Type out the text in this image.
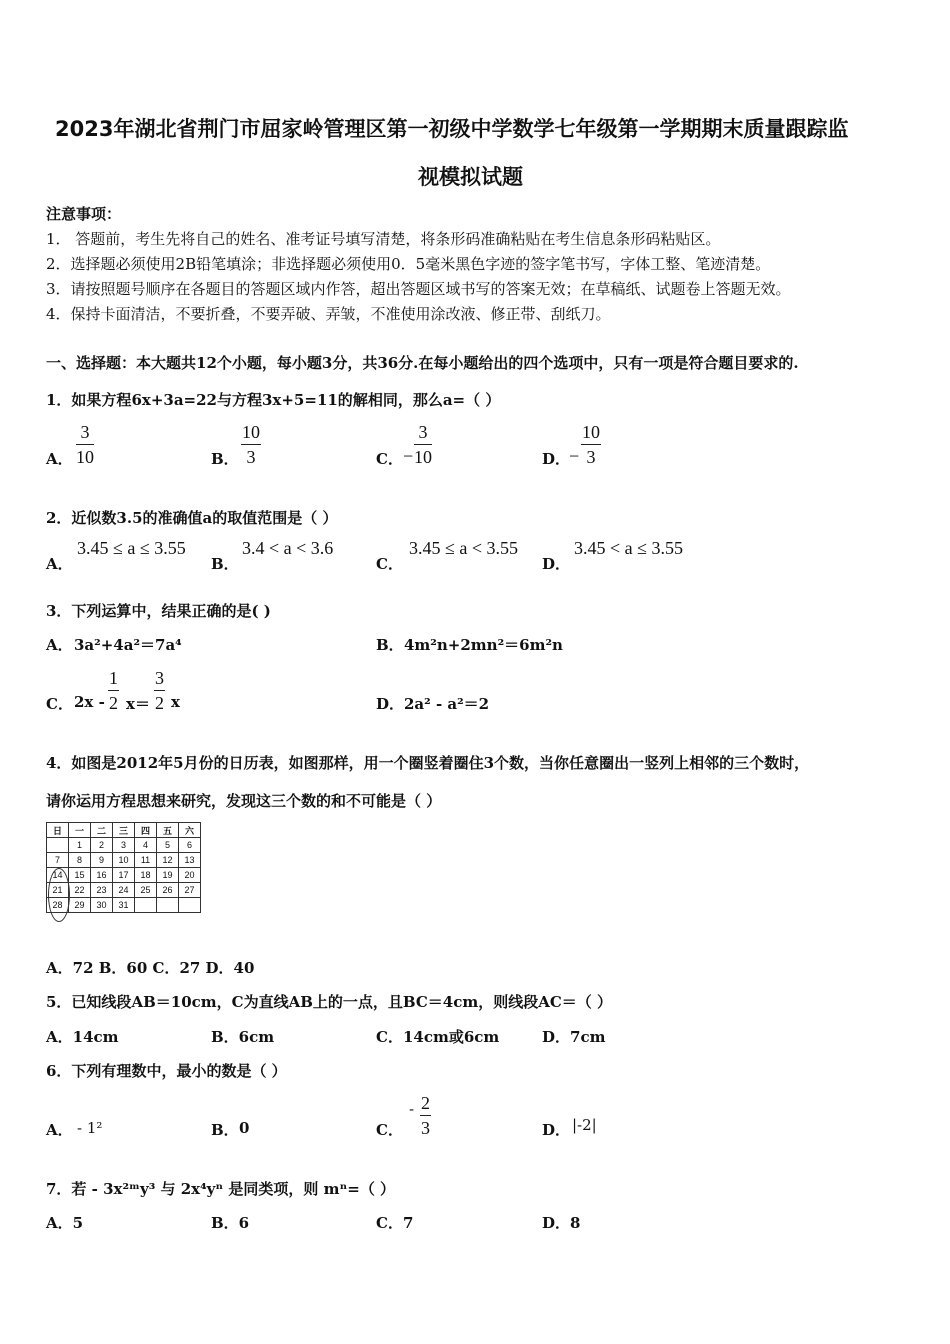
2023年湖北省荆门市屈家岭管理区第一初级中学数学七年级第一学期期末质量跟踪监
视模拟试题
注意事项：
1． 答题前，考生先将自己的姓名、准考证号填写清楚，将条形码准确粘贴在考生信息条形码粘贴区。
2．选择题必须使用2B铅笔填涂；非选择题必须使用0．5毫米黑色字迹的签字笔书写，字体工整、笔迹清楚。
3．请按照题号顺序在各题目的答题区域内作答，超出答题区域书写的答案无效；在草稿纸、试题卷上答题无效。
4．保持卡面清洁，不要折叠，不要弄破、弄皱，不准使用涂改液、修正带、刮纸刀。
一、选择题：本大题共12个小题，每小题3分，共36分.在每小题给出的四个选项中，只有一项是符合题目要求的.
1．如果方程6x+3a=22与方程3x+5=11的解相同，那么a=（ ）
A．
3
10	B．
10
3	C． −
3
10	D．
−
10
3
2．近似数3.5的准确值a的取值范围是（ ）
A．
3.45 ≤ a ≤ 3.55
B．
3.4 < a < 3.6
C．
3.45 ≤ a < 3.55
D．
3.45 < a ≤ 3.55
3．下列运算中，结果正确的是( )
A． 3a²+4a²＝7a⁴	B． 4m²n+2mn²＝6m²n
C． 2x -
1
2 x＝
3
2 x	D． 2a² - a²＝2
4．如图是2012年5月份的日历表，如图那样，用一个圈竖着圈住3个数，当你任意圈出一竖列上相邻的三个数时，
请你运用方程思想来研究，发现这三个数的和不可能是（ ）
日	一	二	三	四	五	六
	1	2	3	4	5	6
7	8	9	10	11	12	13
14	15	16	17	18	19	20
21	22	23	24	25	26	27
28	29	30	31			
A．72 B．60 C．27 D．40
5．已知线段AB＝10cm，C为直线AB上的一点，且BC＝4cm，则线段AC＝（ ）
A．14cm	B．6cm	C．14cm或6cm	D．7cm
6．下列有理数中，最小的数是（ ）
A． - 1²	B． 0	C．
- 2
3	D． |-2|
7．若 - 3x²ᵐy³ 与 2x⁴yⁿ 是同类项，则 mⁿ=（ ）
A．5	B．6	C．7	D．8
